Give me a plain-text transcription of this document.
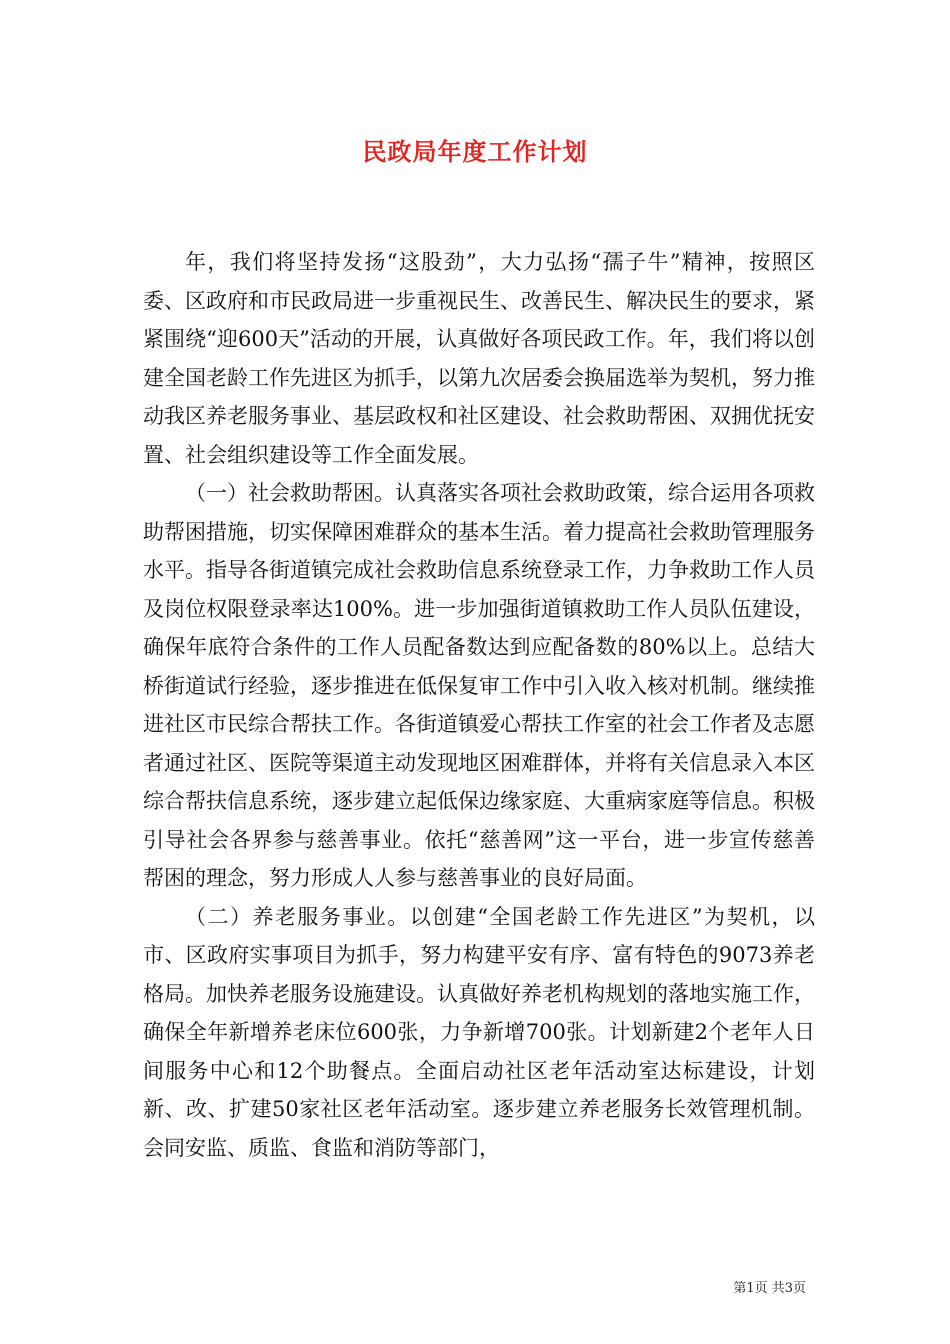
民政局年度工作计划

年，我们将坚持发扬“这股劲”，大力弘扬“孺子牛”精神，按照区委、区政府和市民政局进一步重视民生、改善民生、解决民生的要求，紧紧围绕“迎600天”活动的开展，认真做好各项民政工作。年，我们将以创建全国老龄工作先进区为抓手，以第九次居委会换届选举为契机，努力推动我区养老服务事业、基层政权和社区建设、社会救助帮困、双拥优抚安置、社会组织建设等工作全面发展。

（一）社会救助帮困。认真落实各项社会救助政策，综合运用各项救助帮困措施，切实保障困难群众的基本生活。着力提高社会救助管理服务水平。指导各街道镇完成社会救助信息系统登录工作，力争救助工作人员及岗位权限登录率达100%。进一步加强街道镇救助工作人员队伍建设，确保年底符合条件的工作人员配备数达到应配备数的80%以上。总结大桥街道试行经验，逐步推进在低保复审工作中引入收入核对机制。继续推进社区市民综合帮扶工作。各街道镇爱心帮扶工作室的社会工作者及志愿者通过社区、医院等渠道主动发现地区困难群体，并将有关信息录入本区综合帮扶信息系统，逐步建立起低保边缘家庭、大重病家庭等信息。积极引导社会各界参与慈善事业。依托“慈善网”这一平台，进一步宣传慈善帮困的理念，努力形成人人参与慈善事业的良好局面。

（二）养老服务事业。以创建“全国老龄工作先进区”为契机，以市、区政府实事项目为抓手，努力构建平安有序、富有特色的9073养老格局。加快养老服务设施建设。认真做好养老机构规划的落地实施工作，确保全年新增养老床位600张，力争新增700张。计划新建2个老年人日间服务中心和12个助餐点。全面启动社区老年活动室达标建设，计划新、改、扩建50家社区老年活动室。逐步建立养老服务长效管理机制。会同安监、质监、食监和消防等部门，

第1页 共3页
